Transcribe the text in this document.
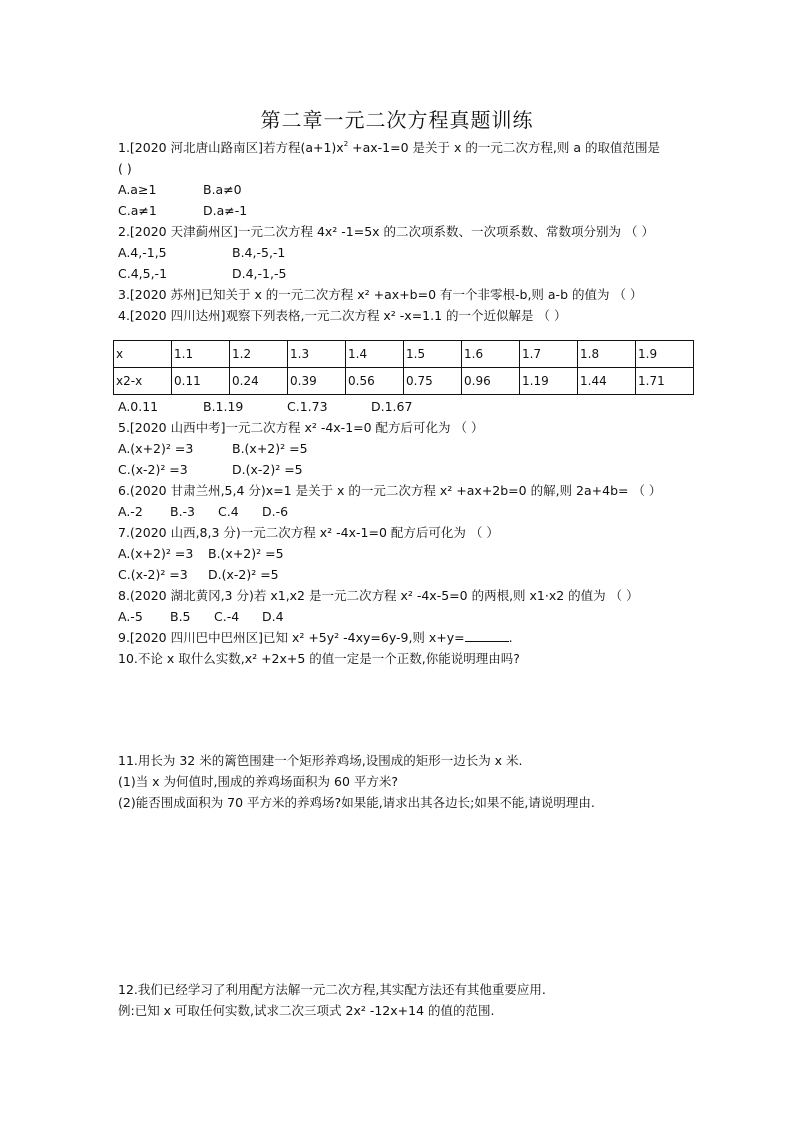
第二章一元二次方程真题训练
1.[2020 河北唐山路南区]若方程$(a+1)x^2 +ax-1=0$ 是关于 x 的一元二次方程,则 a 的取值范围是
( )
A.a≥1	B.a≠0
C.a≠1	D.a≠-1
2.[2020 天津蓟州区]一元二次方程 4x² -1=5x 的二次项系数、一次项系数、常数项分别为 （ ）
A.4,-1,5	B.4,-5,-1
C.4,5,-1	D.4,-1,-5
3.[2020 苏州]已知关于 x 的一元二次方程 x² +ax+b=0 有一个非零根-b,则 a-b 的值为 （ ）
4.[2020 四川达州]观察下列表格,一元二次方程 x² -x=1.1 的一个近似解是 （ ）
x	1.1	1.2	1.3	1.4	1.5	1.6	1.7	1.8	1.9
x2-x	0.11	0.24	0.39	0.56	0.75	0.96	1.19	1.44	1.71
A.0.11	B.1.19	C.1.73	D.1.67
5.[2020 山西中考]一元二次方程 x² -4x-1=0 配方后可化为 （ ）
A.(x+2)² =3	B.(x+2)² =5
C.(x-2)² =3	D.(x-2)² =5
6.(2020 甘肃兰州,5,4 分)x=1 是关于 x 的一元二次方程 x² +ax+2b=0 的解,则 2a+4b= （ ）
A.-2 B.-3 C.4 D.-6
7.(2020 山西,8,3 分)一元二次方程 x² -4x-1=0 配方后可化为 （ ）
A.(x+2)² =3 B.(x+2)² =5
C.(x-2)² =3 D.(x-2)² =5
8.(2020 湖北黄冈,3 分)若 x1,x2 是一元二次方程 x² -4x-5=0 的两根,则 x1·x2 的值为 （ ）
A.-5 B.5 C.-4 D.4
9.[2020 四川巴中巴州区]已知 x² +5y² -4xy=6y-9,则 x+y=	.
10.不论 x 取什么实数,x² +2x+5 的值一定是一个正数,你能说明理由吗?
11.用长为 32 米的篱笆围建一个矩形养鸡场,设围成的矩形一边长为 x 米.
(1)当 x 为何值时,围成的养鸡场面积为 60 平方米?
(2)能否围成面积为 70 平方米的养鸡场?如果能,请求出其各边长;如果不能,请说明理由.
12.我们已经学习了利用配方法解一元二次方程,其实配方法还有其他重要应用.
例:已知 x 可取任何实数,试求二次三项式 2x² -12x+14 的值的范围.
